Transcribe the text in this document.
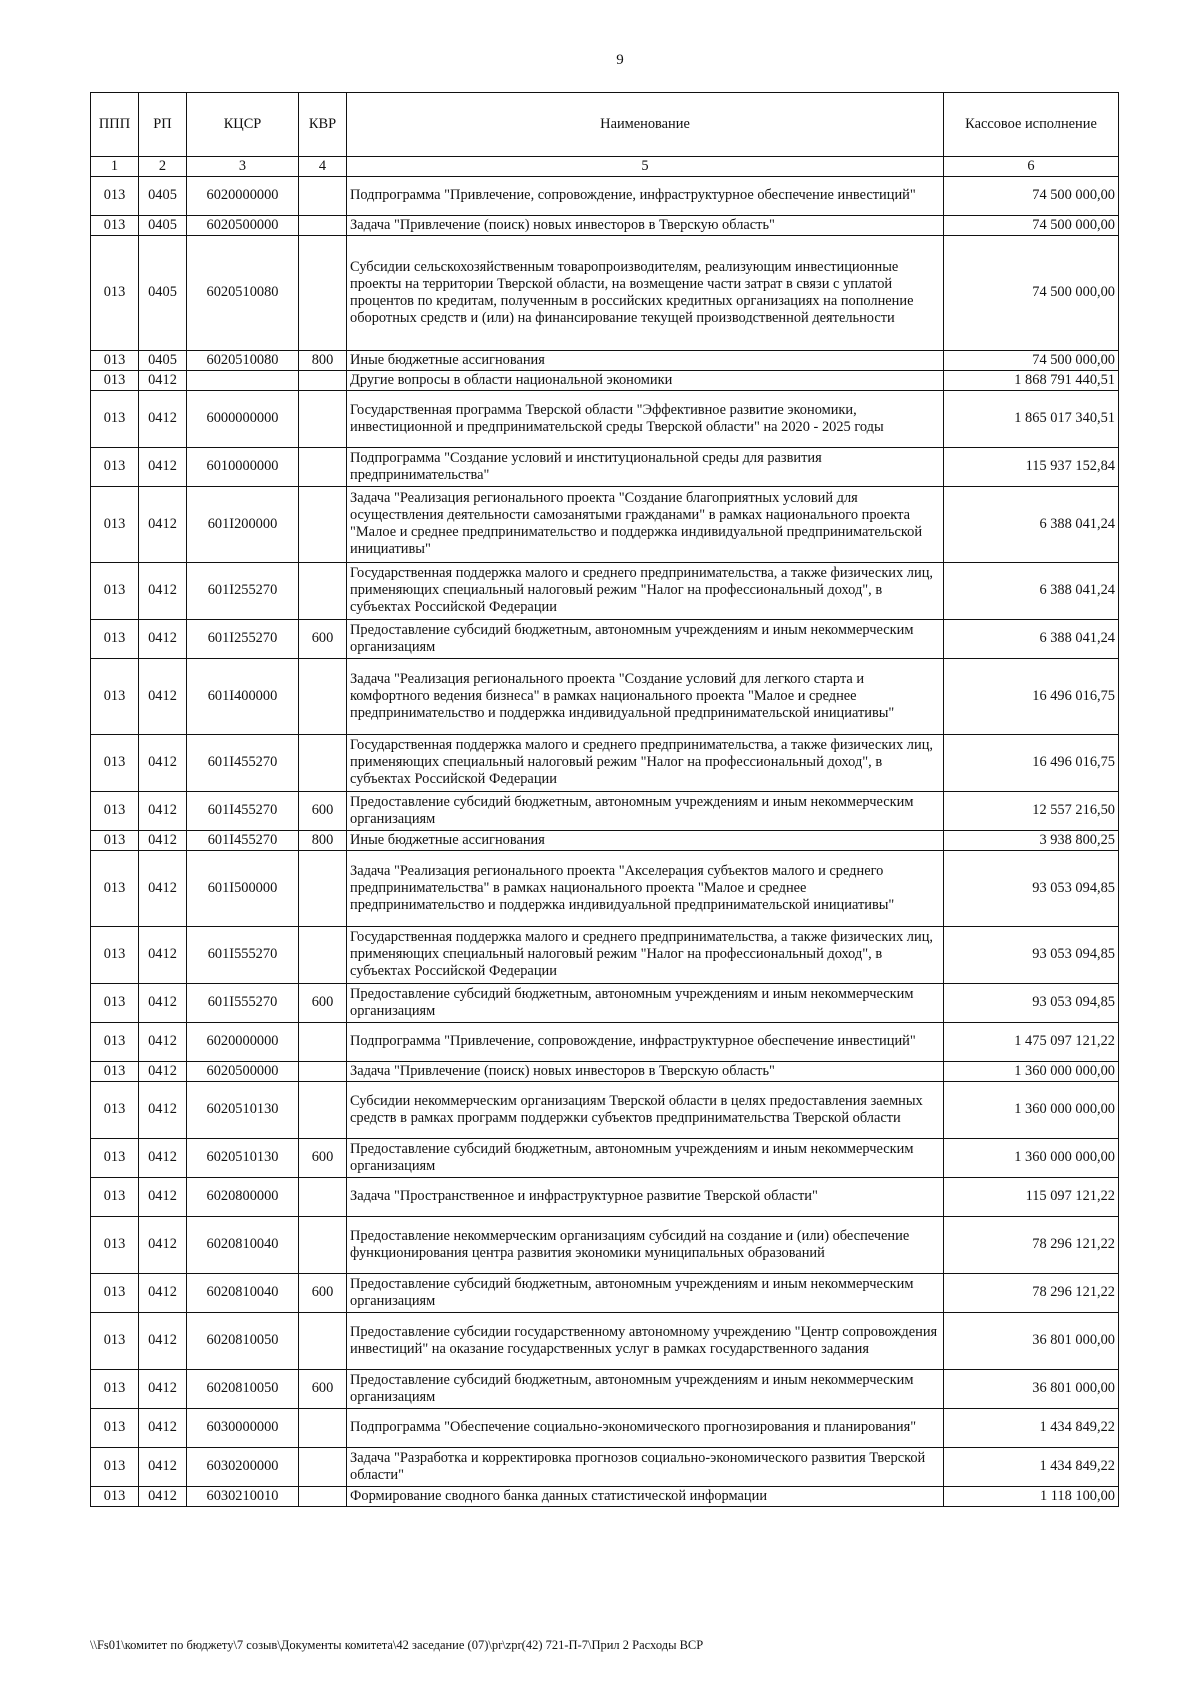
9
ППП	РП	КЦСР	КВР	Наименование	Кассовое исполнение
1	2	3	4	5	6
013	0405	6020000000		Подпрограмма "Привлечение, сопровождение, инфраструктурное обеспечение инвестиций"	74 500 000,00
013	0405	6020500000		Задача "Привлечение (поиск) новых инвесторов в Тверскую область"	74 500 000,00
013	0405	6020510080		Субсидии сельскохозяйственным товаропроизводителям, реализующим инвестиционные проекты на территории Тверской области, на возмещение части затрат в связи с уплатой процентов по кредитам, полученным в российских кредитных организациях на пополнение оборотных средств и (или) на финансирование текущей производственной деятельности	74 500 000,00
013	0405	6020510080	800	Иные бюджетные ассигнования	74 500 000,00
013	0412			Другие вопросы в области национальной экономики	1 868 791 440,51
013	0412	6000000000		Государственная программа Тверской области "Эффективное развитие экономики, инвестиционной и предпринимательской среды Тверской области" на 2020 - 2025 годы	1 865 017 340,51
013	0412	6010000000		Подпрограмма "Создание условий и институциональной среды для развития предпринимательства"	115 937 152,84
013	0412	601I200000		Задача "Реализация регионального проекта "Создание благоприятных условий для осуществления деятельности самозанятыми гражданами" в рамках национального проекта "Малое и среднее предпринимательство и поддержка индивидуальной предпринимательской инициативы"	6 388 041,24
013	0412	601I255270		Государственная поддержка малого и среднего предпринимательства, а также физических лиц, применяющих специальный налоговый режим "Налог на профессиональный доход", в субъектах Российской Федерации	6 388 041,24
013	0412	601I255270	600	Предоставление субсидий бюджетным, автономным учреждениям и иным некоммерческим организациям	6 388 041,24
013	0412	601I400000		Задача "Реализация регионального проекта "Создание условий для легкого старта и комфортного ведения бизнеса" в рамках национального проекта "Малое и среднее предпринимательство и поддержка индивидуальной предпринимательской инициативы"	16 496 016,75
013	0412	601I455270		Государственная поддержка малого и среднего предпринимательства, а также физических лиц, применяющих специальный налоговый режим "Налог на профессиональный доход", в субъектах Российской Федерации	16 496 016,75
013	0412	601I455270	600	Предоставление субсидий бюджетным, автономным учреждениям и иным некоммерческим организациям	12 557 216,50
013	0412	601I455270	800	Иные бюджетные ассигнования	3 938 800,25
013	0412	601I500000		Задача "Реализация регионального проекта "Акселерация субъектов малого и среднего предпринимательства" в рамках национального проекта "Малое и среднее предпринимательство и поддержка индивидуальной предпринимательской инициативы"	93 053 094,85
013	0412	601I555270		Государственная поддержка малого и среднего предпринимательства, а также физических лиц, применяющих специальный налоговый режим "Налог на профессиональный доход", в субъектах Российской Федерации	93 053 094,85
013	0412	601I555270	600	Предоставление субсидий бюджетным, автономным учреждениям и иным некоммерческим организациям	93 053 094,85
013	0412	6020000000		Подпрограмма "Привлечение, сопровождение, инфраструктурное обеспечение инвестиций"	1 475 097 121,22
013	0412	6020500000		Задача "Привлечение (поиск) новых инвесторов в Тверскую область"	1 360 000 000,00
013	0412	6020510130		Субсидии некоммерческим организациям Тверской области в целях предоставления заемных средств в рамках программ поддержки субъектов предпринимательства Тверской области	1 360 000 000,00
013	0412	6020510130	600	Предоставление субсидий бюджетным, автономным учреждениям и иным некоммерческим организациям	1 360 000 000,00
013	0412	6020800000		Задача "Пространственное и инфраструктурное развитие Тверской области"	115 097 121,22
013	0412	6020810040		Предоставление некоммерческим организациям субсидий на создание и (или) обеспечение функционирования центра развития экономики муниципальных образований	78 296 121,22
013	0412	6020810040	600	Предоставление субсидий бюджетным, автономным учреждениям и иным некоммерческим организациям	78 296 121,22
013	0412	6020810050		Предоставление субсидии государственному автономному учреждению "Центр сопровождения инвестиций" на оказание государственных услуг в рамках государственного задания	36 801 000,00
013	0412	6020810050	600	Предоставление субсидий бюджетным, автономным учреждениям и иным некоммерческим организациям	36 801 000,00
013	0412	6030000000		Подпрограмма "Обеспечение социально-экономического прогнозирования и планирования"	1 434 849,22
013	0412	6030200000		Задача "Разработка и корректировка прогнозов социально-экономического развития Тверской области"	1 434 849,22
013	0412	6030210010		Формирование сводного банка данных статистической информации	1 118 100,00
\\Fs01\комитет по бюджету\7 созыв\Документы комитета\42 заседание (07)\pr\zpr(42) 721-П-7\Прил 2 Расходы ВСР
